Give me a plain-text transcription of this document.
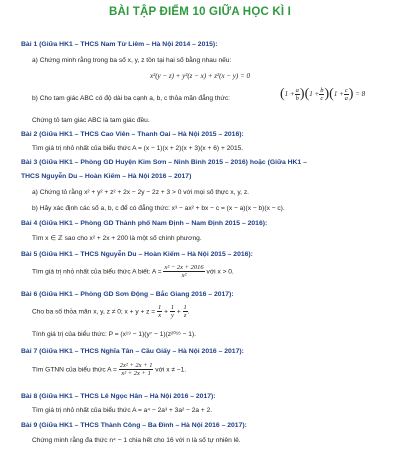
BÀI TẬP ĐIỂM 10 GIỮA HỌC KÌ I
Bài 1 (Giữa HK1 – THCS Nam Từ Liêm – Hà Nội 2014 – 2015):
a) Chứng minh rằng trong ba số x, y, z tồn tại hai số bằng nhau nếu:
x²(y − z) + y²(z − x) + z²(x − y) = 0
b) Cho tam giác ABC có độ dài ba cạnh a, b, c thỏa mãn đẳng thức:	$(1 + \frac{a}{b} )(1 + \frac{b}{c} )(1 + \frac{c}{a}$ ) = 8
Chứng tỏ tam giác ABC là tam giác đều.
Bài 2 (Giữa HK1 – THCS Cao Viên – Thanh Oai – Hà Nội 2015 – 2016):
Tìm giá trị nhỏ nhất của biểu thức A = (x − 1)(x + 2)(x + 3)(x + 6) + 2015.
Bài 3 (Giữa HK1 – Phòng GD Huyện Kim Sơn – Ninh Bình 2015 – 2016) hoặc (Giữa HK1 –
THCS Nguyễn Du – Hoàn Kiếm – Hà Nội 2016 – 2017)
a) Chứng tỏ rằng x² + y² + z² + 2x − 2y − 2z + 3 > 0 với mọi số thực x, y, z.
b) Hãy xác định các số a, b, c để có đẳng thức: x³ − ax² + bx − c = (x − a)(x − b)(x − c).
Bài 4 (Giữa HK1 – Phòng GD Thành phố Nam Định – Nam Định 2015 – 2016):
Tìm x ∈ ℤ sao cho x² + 2x + 200 là một số chính phương.
Bài 5 (Giữa HK1 – THCS Nguyễn Du – Hoàn Kiếm – Hà Nội 2015 – 2016):
Tìm giá trị nhỏ nhất của biểu thức A biết: $A = \frac{\text{x² − 2x + 2016}}{\text{x²}}$ với x > 0.
Bài 6 (Giữa HK1 – Phòng GD Sơn Động – Bắc Giang 2016 – 2017):
Cho ba số thỏa mãn x, y, z ≠ 0; $x + y + z = \frac{1}{x} + \frac{1}{y} + \frac{1}{z}$ .
Tính giá trị của biểu thức: P = (x¹⁹ − 1)(y⁷ − 1)(z²⁰¹⁶ − 1).
Bài 7 (Giữa HK1 – THCS Nghĩa Tân – Cầu Giấy – Hà Nội 2016 – 2017):
Tìm GTNN của biểu thức $A = \frac{\text{2x² + 2x + 1}}{\text{x² + 2x + 1}}$ với x ≠ −1.
Bài 8 (Giữa HK1 – THCS Lê Ngọc Hân – Hà Nội 2016 – 2017):
Tìm giá trị nhỏ nhất của biểu thức A = a⁴ − 2a³ + 3a² − 2a + 2.
Bài 9 (Giữa HK1 – THCS Thành Công – Ba Đình – Hà Nội 2016 – 2017):
Chứng minh rằng đa thức n⁴ − 1 chia hết cho 16 với n là số tự nhiên lẻ.
